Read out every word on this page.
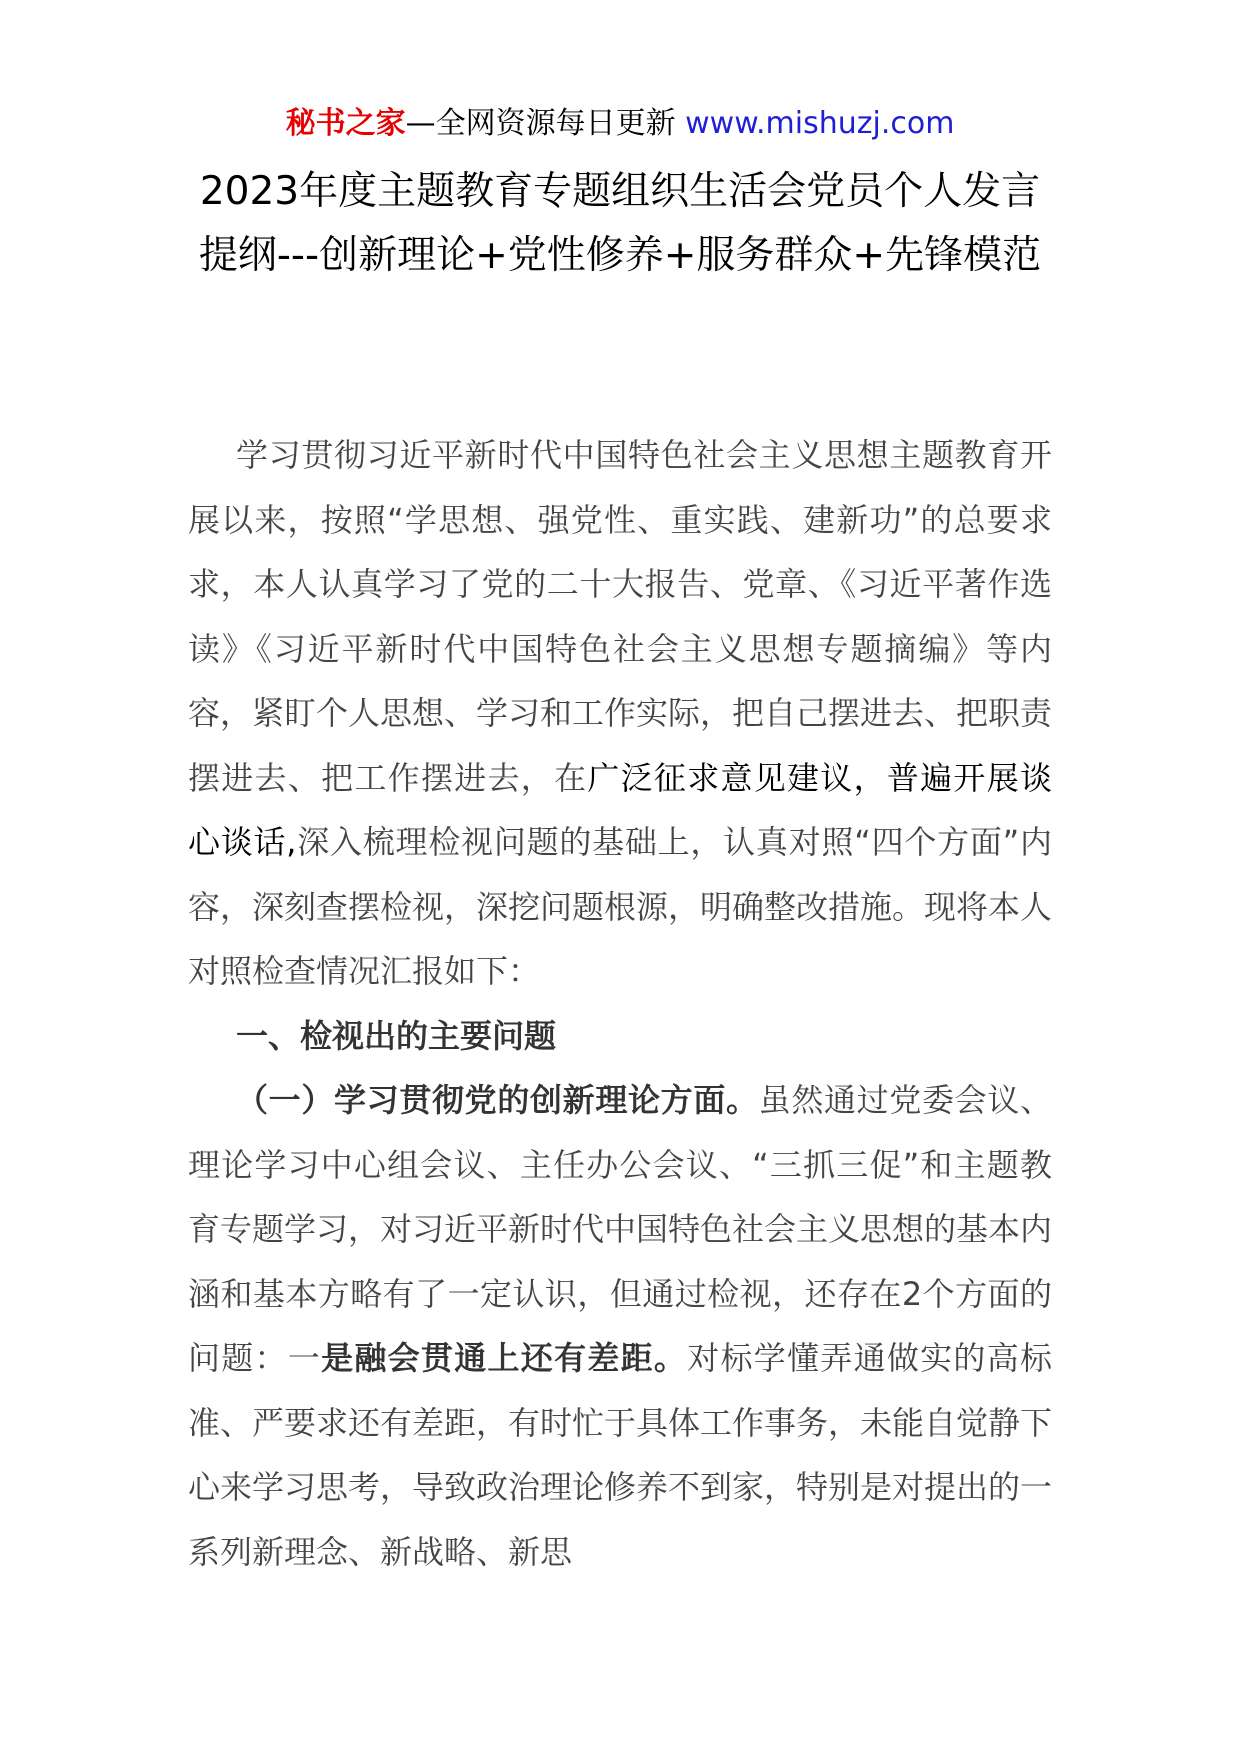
秘书之家—全网资源每日更新 www.mishuzj.com
2023年度主题教育专题组织生活会党员个人发言提纲---创新理论+党性修养+服务群众+先锋模范

学习贯彻习近平新时代中国特色社会主义思想主题教育开展以来，按照“学思想、强党性、重实践、建新功”的总要求求，本人认真学习了党的二十大报告、党章、《习近平著作选读》《习近平新时代中国特色社会主义思想专题摘编》等内容，紧盯个人思想、学习和工作实际，把自己摆进去、把职责摆进去、把工作摆进去，在广泛征求意见建议，普遍开展谈心谈话,深入梳理检视问题的基础上，认真对照“四个方面”内容，深刻查摆检视，深挖问题根源，明确整改措施。现将本人对照检查情况汇报如下：

一、检视出的主要问题

（一）学习贯彻党的创新理论方面。虽然通过党委会议、理论学习中心组会议、主任办公会议、“三抓三促”和主题教育专题学习，对习近平新时代中国特色社会主义思想的基本内涵和基本方略有了一定认识，但通过检视，还存在2个方面的问题：一是融会贯通上还有差距。对标学懂弄通做实的高标准、严要求还有差距，有时忙于具体工作事务，未能自觉静下心来学习思考，导致政治理论修养不到家，特别是对提出的一系列新理念、新战略、新思
